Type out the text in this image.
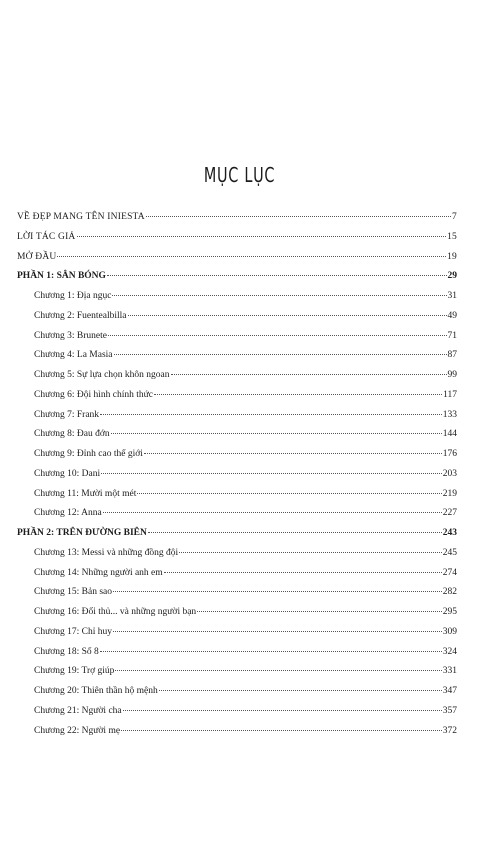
MỤC LỤC
VỀ ĐẸP MANG TÊN INIESTA	7
LỜI TÁC GIẢ	15
MỞ ĐẦU	19
PHẦN 1: SÂN BÓNG	29
Chương 1: Địa ngục	31
Chương 2: Fuentealbilla	49
Chương 3: Brunete	71
Chương 4: La Masia	87
Chương 5: Sự lựa chọn khôn ngoan	99
Chương 6: Đội hình chính thức	117
Chương 7: Frank	133
Chương 8: Đau đớn	144
Chương 9: Đỉnh cao thế giới	176
Chương 10: Dani	203
Chương 11: Mười một mét	219
Chương 12: Anna	227
PHẦN 2: TRÊN ĐƯỜNG BIÊN	243
Chương 13: Messi và những đồng đội	245
Chương 14: Những người anh em	274
Chương 15: Bản sao	282
Chương 16: Đối thủ... và những người bạn	295
Chương 17: Chỉ huy	309
Chương 18: Số 8	324
Chương 19: Trợ giúp	331
Chương 20: Thiên thần hộ mệnh	347
Chương 21: Người cha	357
Chương 22: Người mẹ	372
